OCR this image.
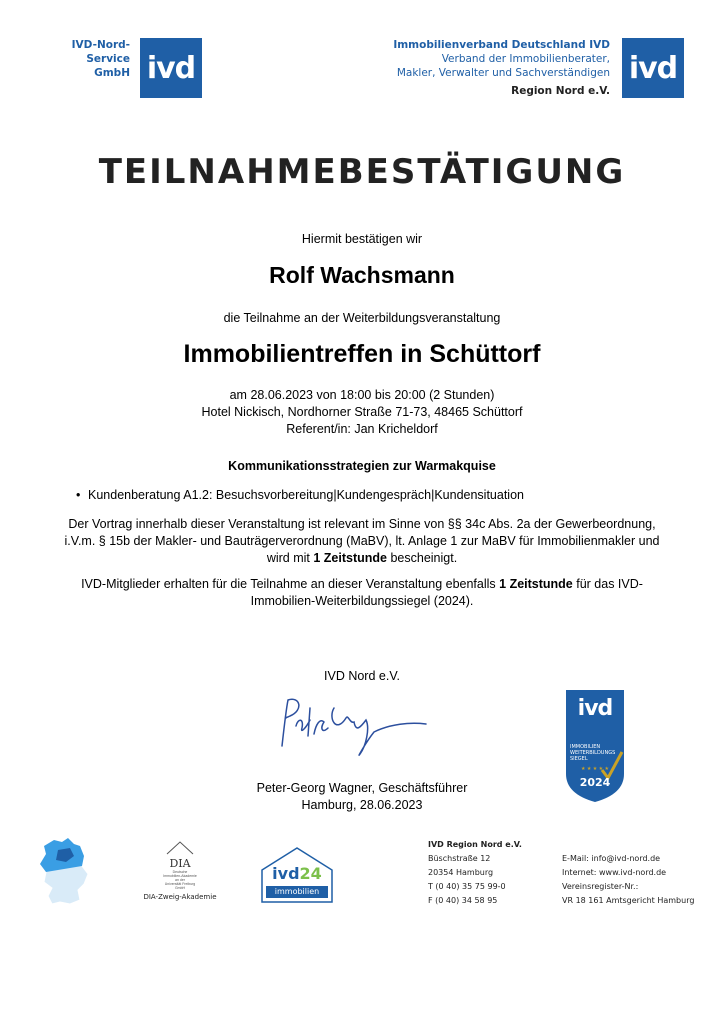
IVD-Nord-Service
GmbH ivd
Immobilienverband Deutschland IVD
Verband der Immobilienberater,
Makler, Verwalter und Sachverständigen
Region Nord e.V.
ivd
TEILNAHMEBESTÄTIGUNG
Hiermit bestätigen wir
Rolf Wachsmann
die Teilnahme an der Weiterbildungsveranstaltung
Immobilientreffen in Schüttorf
am 28.06.2023 von 18:00 bis 20:00 (2 Stunden)
Hotel Nickisch, Nordhorner Straße 71-73, 48465 Schüttorf
Referent/in: Jan Kricheldorf
Kommunikationsstrategien zur Warmakquise
• Kundenberatung A1.2: Besuchsvorbereitung|Kundengespräch|Kundensituation
Der Vortrag innerhalb dieser Veranstaltung ist relevant im Sinne von §§ 34c Abs. 2a der Gewerbeordnung,
i.V.m. § 15b der Makler- und Bauträgerverordnung (MaBV), lt. Anlage 1 zur MaBV für Immobilienmakler und
wird mit 1 Zeitstunde bescheinigt.
IVD-Mitglieder erhalten für die Teilnahme an dieser Veranstaltung ebenfalls 1 Zeitstunde für das IVD-
Immobilien-Weiterbildungssiegel (2024).
IVD Nord e.V.
Peter-Georg Wagner, Geschäftsführer
Hamburg, 28.06.2023
ivd
IMMOBILIEN
WEITERBILDUNGS
SIEGEL
★ ★ ★ ★ ★
2024
DIA
Deutsche
Immobilien-Akademie
an der
Universität Freiburg
GmbH
DIA-Zweig-Akademie
ivd24
immobilien
IVD Region Nord e.V.
Büschstraße 12
20354 Hamburg
T (0 40) 35 75 99-0
F (0 40) 34 58 95
E-Mail: info@ivd-nord.de
Internet: www.ivd-nord.de
Vereinsregister-Nr.:
VR 18 161 Amtsgericht Hamburg
